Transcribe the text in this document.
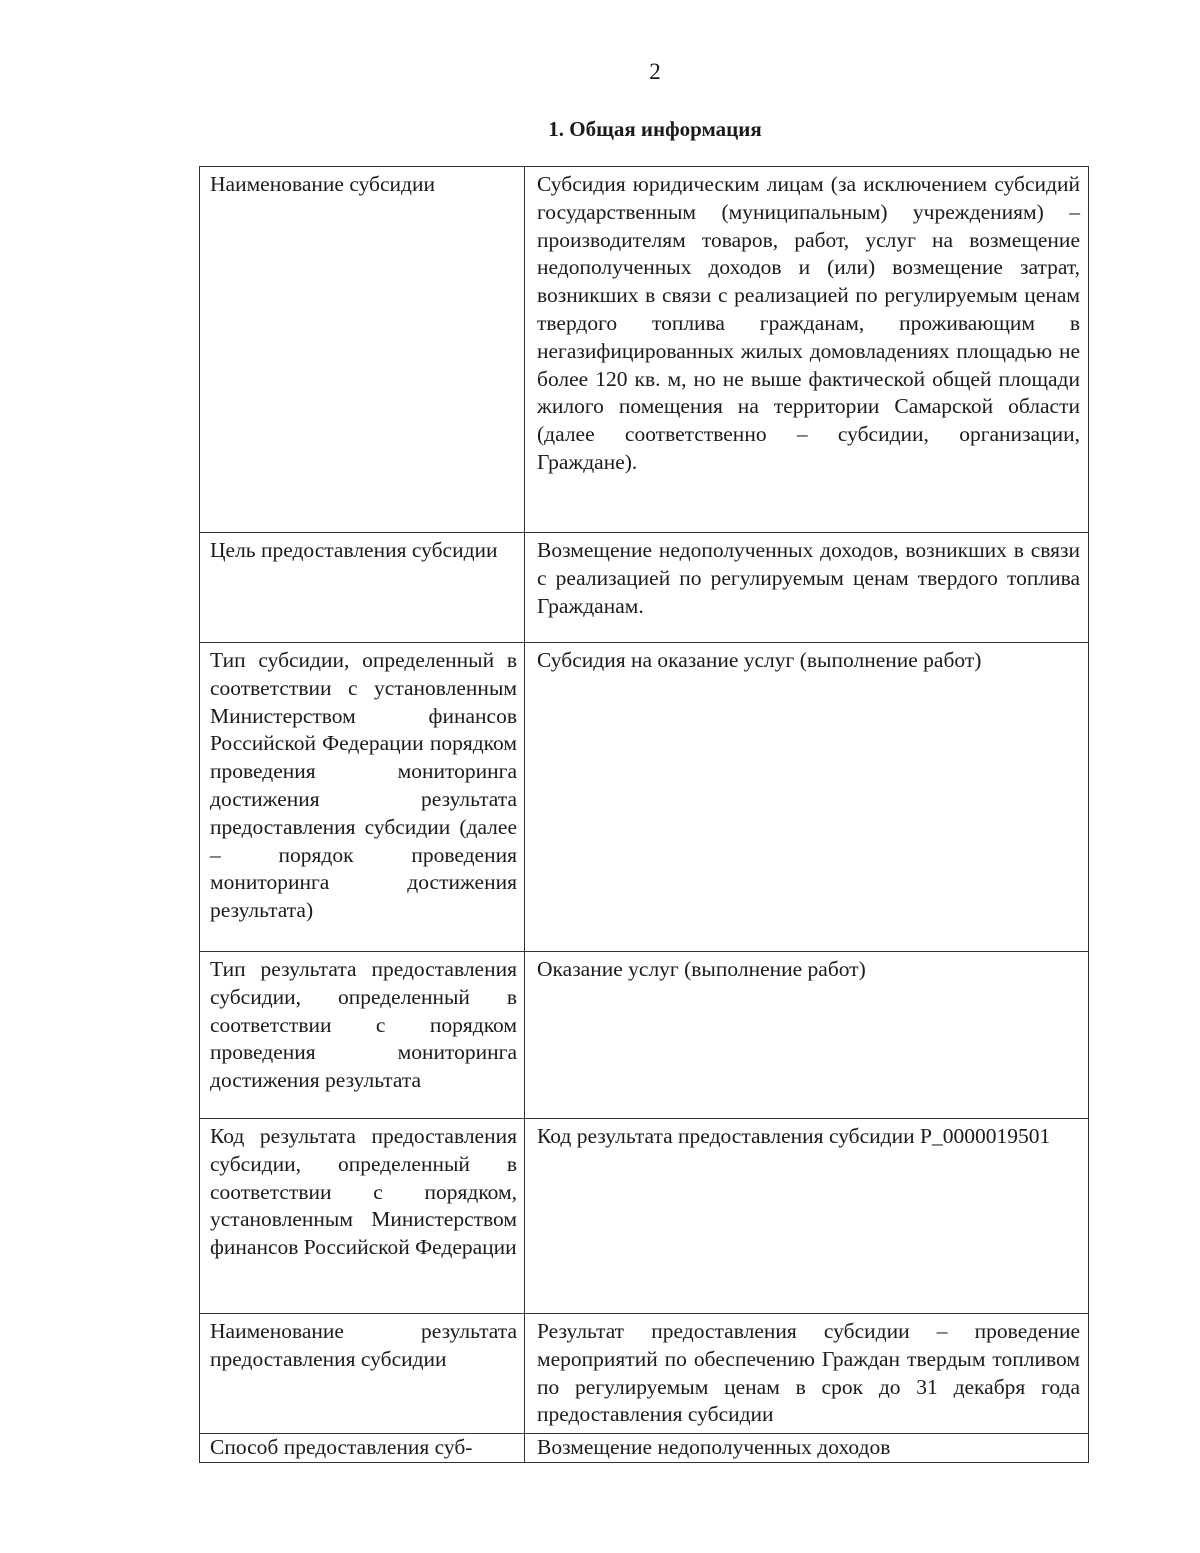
2
1. Общая информация
Наименование субсидии	Субсидия юридическим лицам (за исключением субсидий государственным (муниципальным) учреждениям) – производителям товаров, работ, услуг на возмещение недополученных доходов и (или) возмещение затрат, возникших в связи с реализацией по регулируемым ценам твердого топлива гражданам, проживающим в негазифицированных жилых домовладениях площадью не более 120 кв. м, но не выше фактической общей площади жилого помещения на территории Самарской области (далее соответственно – субсидии, организации, Граждане).
Цель предоставления субсидии	Возмещение недополученных доходов, возникших в связи с реализацией по регулируемым ценам твердого топлива Гражданам.
Тип субсидии, определенный в соответствии с установленным Министерством финансов Российской Федерации порядком проведения мониторинга достижения результата предоставления субсидии (далее – порядок проведения мониторинга достижения результата)	Субсидия на оказание услуг (выполнение работ)
Тип результата предоставления субсидии, определенный в соответствии с порядком проведения мониторинга достижения результата	Оказание услуг (выполнение работ)
Код результата предоставления субсидии, определенный в соответствии с порядком, установленным Министерством финансов Российской Федерации	Код результата предоставления субсидии P_0000019501
Наименование результата предоставления субсидии	Результат предоставления субсидии – проведение мероприятий по обеспечению Граждан твердым топливом по регулируемым ценам в срок до 31 декабря года предоставления субсидии
Способ предоставления суб-	Возмещение недополученных доходов
